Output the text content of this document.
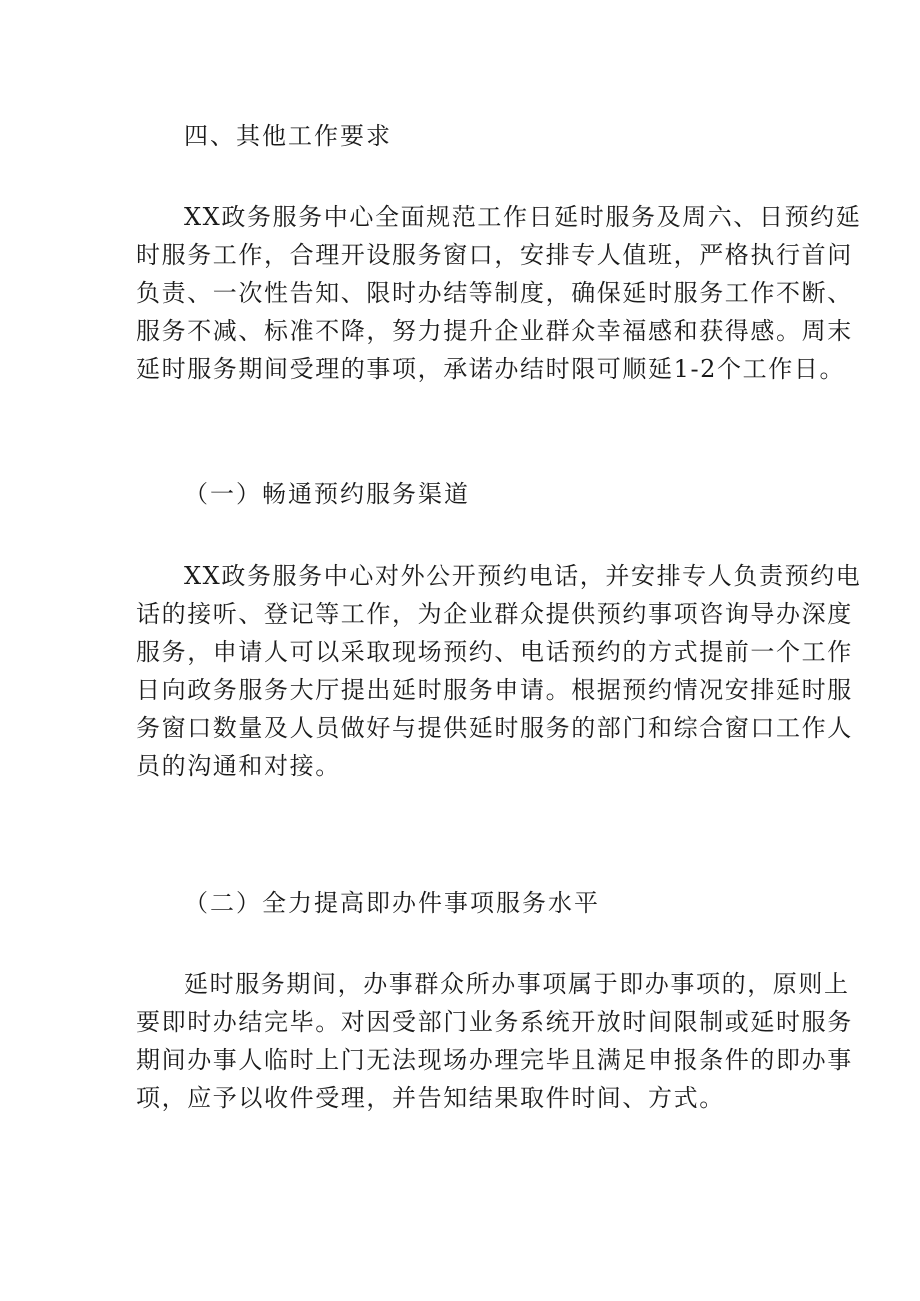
四、其他工作要求
XX政务服务中心全面规范工作日延时服务及周六、日预约延
时服务工作，合理开设服务窗口，安排专人值班，严格执行首问
负责、一次性告知、限时办结等制度，确保延时服务工作不断、
服务不减、标准不降，努力提升企业群众幸福感和获得感。周末
延时服务期间受理的事项，承诺办结时限可顺延1-2个工作日。
（一）畅通预约服务渠道
XX政务服务中心对外公开预约电话，并安排专人负责预约电
话的接听、登记等工作，为企业群众提供预约事项咨询导办深度
服务，申请人可以采取现场预约、电话预约的方式提前一个工作
日向政务服务大厅提出延时服务申请。根据预约情况安排延时服
务窗口数量及人员做好与提供延时服务的部门和综合窗口工作人
员的沟通和对接。
（二）全力提高即办件事项服务水平
延时服务期间，办事群众所办事项属于即办事项的，原则上
要即时办结完毕。对因受部门业务系统开放时间限制或延时服务
期间办事人临时上门无法现场办理完毕且满足申报条件的即办事
项，应予以收件受理，并告知结果取件时间、方式。
